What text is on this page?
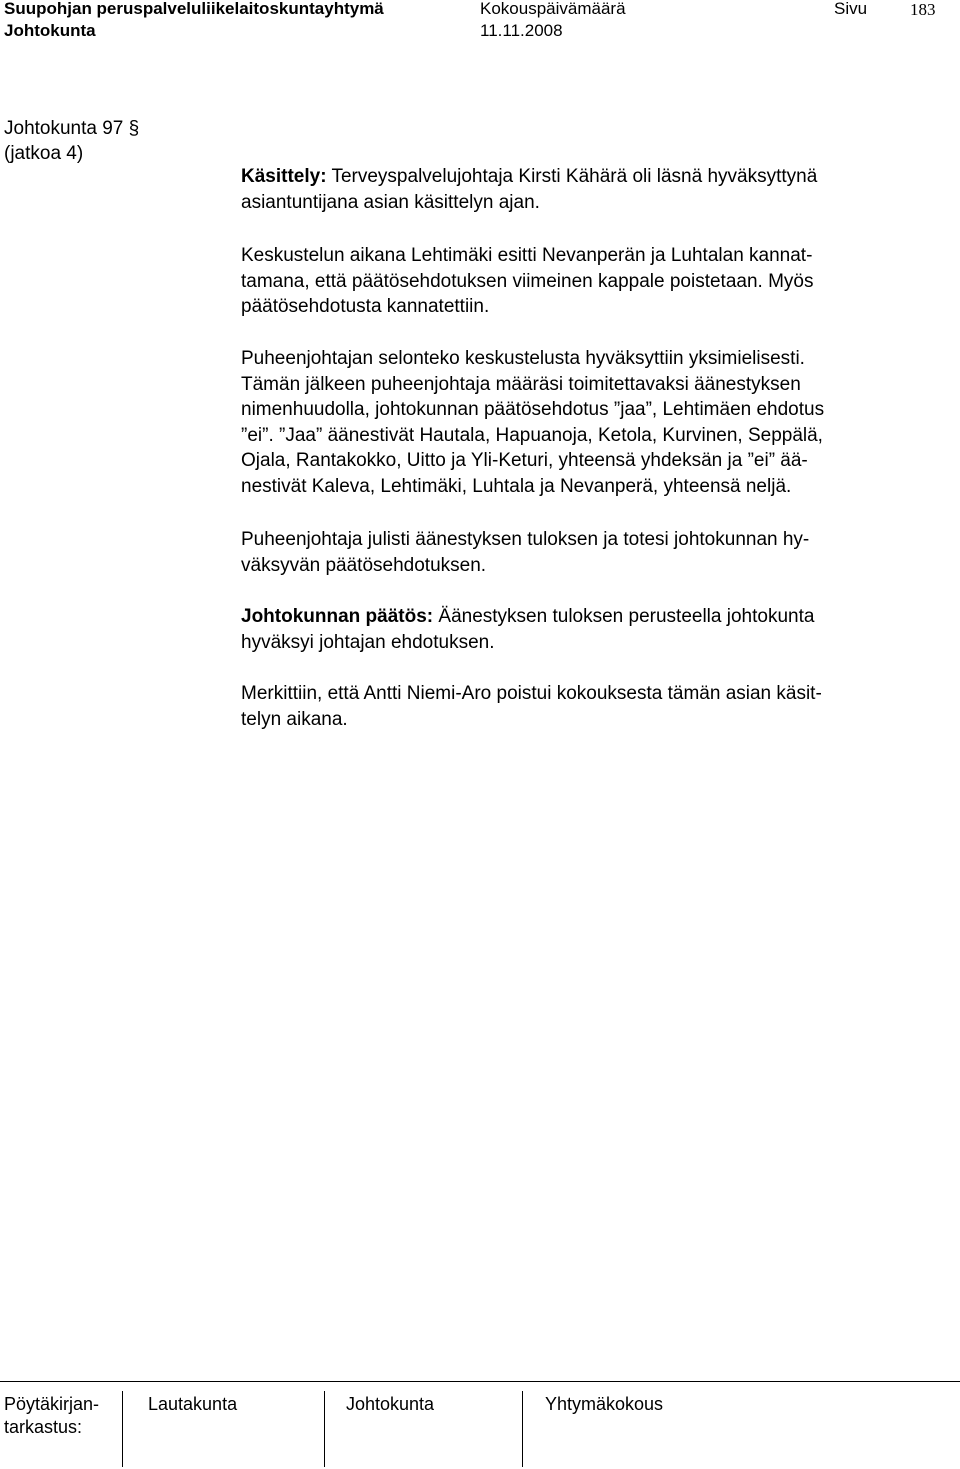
Suupohjan peruspalveluliikelaitoskuntayhtymä
Johtokunta
Kokouspäivämäärä
11.11.2008
Sivu	183
Johtokunta 97 §
(jatkoa 4)
Käsittely: Terveyspalvelujohtaja Kirsti Kähärä oli läsnä hyväksyttynä
asiantuntijana asian käsittelyn ajan.
Keskustelun aikana Lehtimäki esitti Nevanperän ja Luhtalan kannat-
tamana, että päätösehdotuksen viimeinen kappale poistetaan. Myös
päätösehdotusta kannatettiin.
Puheenjohtajan selonteko keskustelusta hyväksyttiin yksimielisesti.
Tämän jälkeen puheenjohtaja määräsi toimitettavaksi äänestyksen
nimenhuudolla, johtokunnan päätösehdotus ”jaa”, Lehtimäen ehdotus
”ei”. ”Jaa” äänestivät Hautala, Hapuanoja, Ketola, Kurvinen, Seppälä,
Ojala, Rantakokko, Uitto ja Yli-Keturi, yhteensä yhdeksän ja ”ei” ää-
nestivät Kaleva, Lehtimäki, Luhtala ja Nevanperä, yhteensä neljä.
Puheenjohtaja julisti äänestyksen tuloksen ja totesi johtokunnan hy-
väksyvän päätösehdotuksen.
Johtokunnan päätös: Äänestyksen tuloksen perusteella johtokunta
hyväksyi johtajan ehdotuksen.
Merkittiin, että Antti Niemi-Aro poistui kokouksesta tämän asian käsit-
telyn aikana.
Pöytäkirjan-
tarkastus:
Lautakunta	Johtokunta	Yhtymäkokous
